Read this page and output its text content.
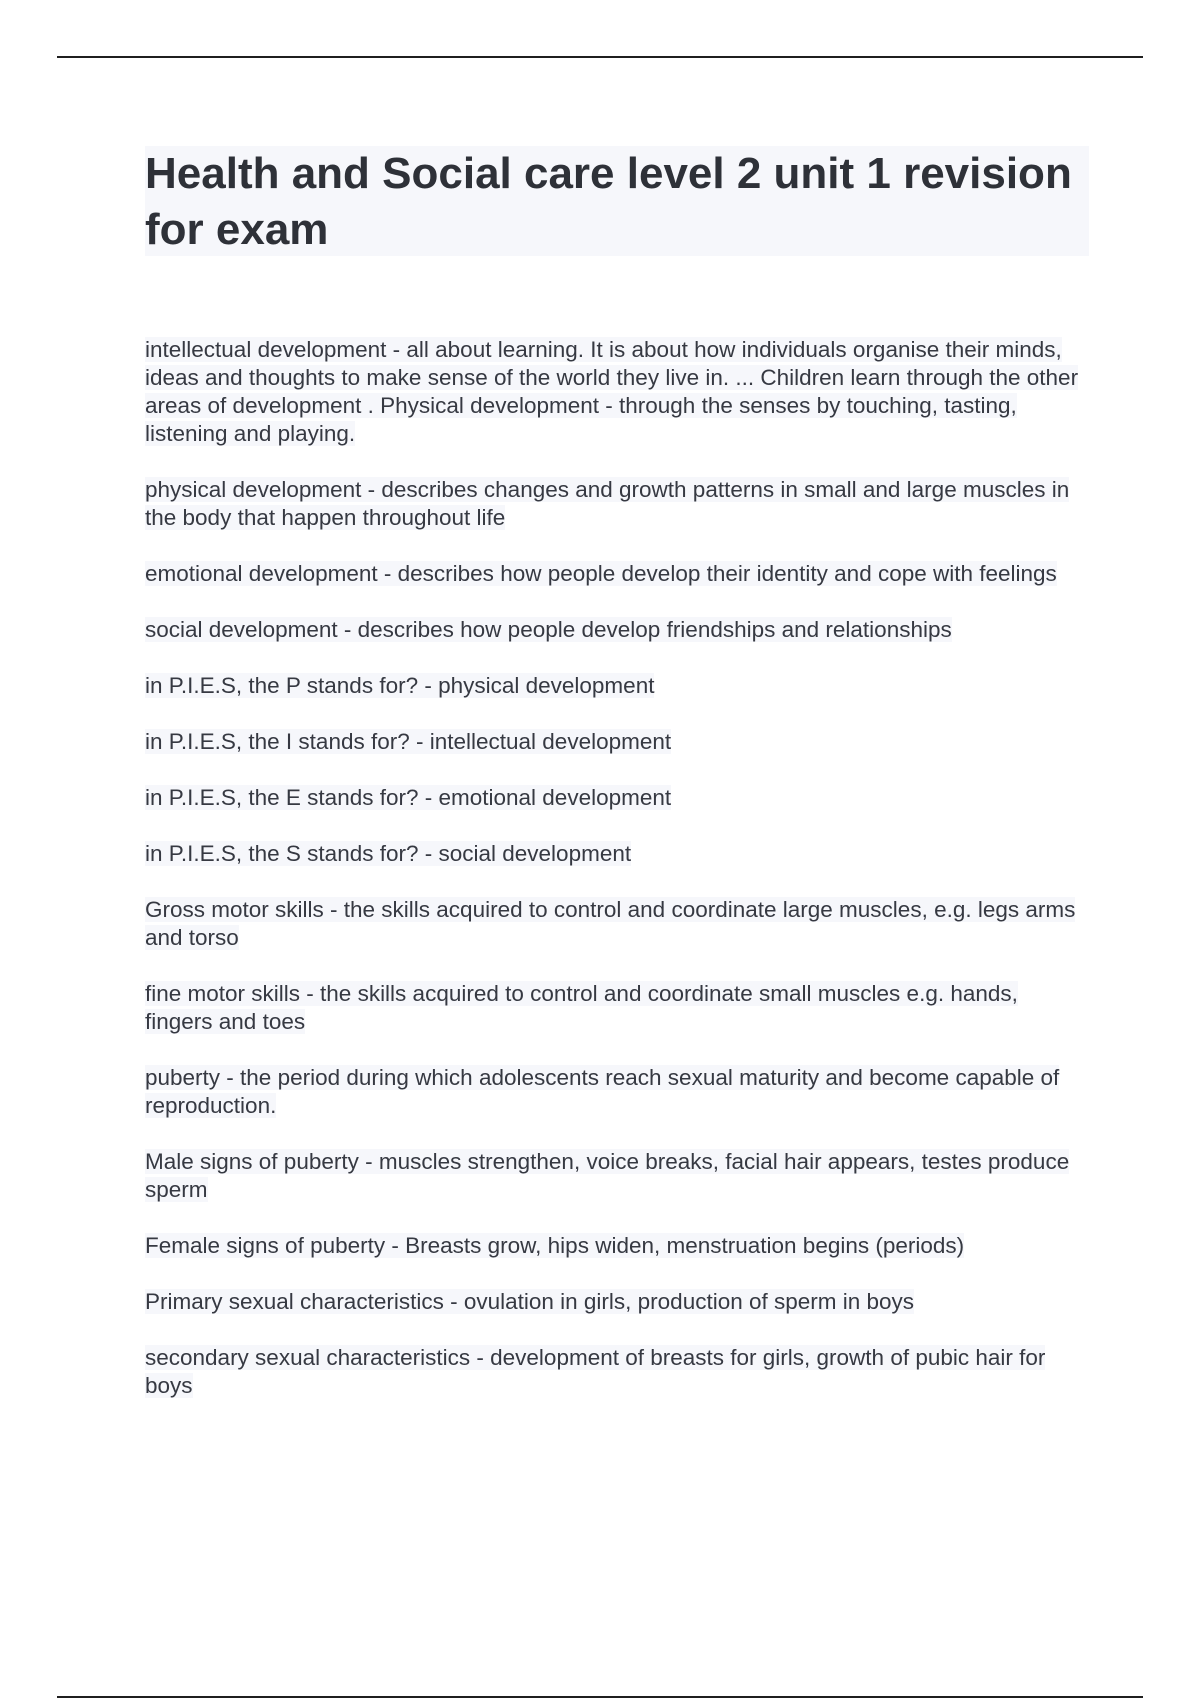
Health and Social care level 2 unit 1 revision for exam
intellectual development - all about learning. It is about how individuals organise their minds, ideas and thoughts to make sense of the world they live in. ... Children learn through the other areas of development . Physical development - through the senses by touching, tasting, listening and playing.
physical development - describes changes and growth patterns in small and large muscles in the body that happen throughout life
emotional development - describes how people develop their identity and cope with feelings
social development - describes how people develop friendships and relationships
in P.I.E.S, the P stands for? - physical development
in P.I.E.S, the I stands for? - intellectual development
in P.I.E.S, the E stands for? - emotional development
in P.I.E.S, the S stands for? - social development
Gross motor skills - the skills acquired to control and coordinate large muscles, e.g. legs arms and torso
fine motor skills - the skills acquired to control and coordinate small muscles e.g. hands, fingers and toes
puberty - the period during which adolescents reach sexual maturity and become capable of reproduction.
Male signs of puberty - muscles strengthen, voice breaks, facial hair appears, testes produce sperm
Female signs of puberty - Breasts grow, hips widen, menstruation begins (periods)
Primary sexual characteristics - ovulation in girls, production of sperm in boys
secondary sexual characteristics - development of breasts for girls, growth of pubic hair for boys
